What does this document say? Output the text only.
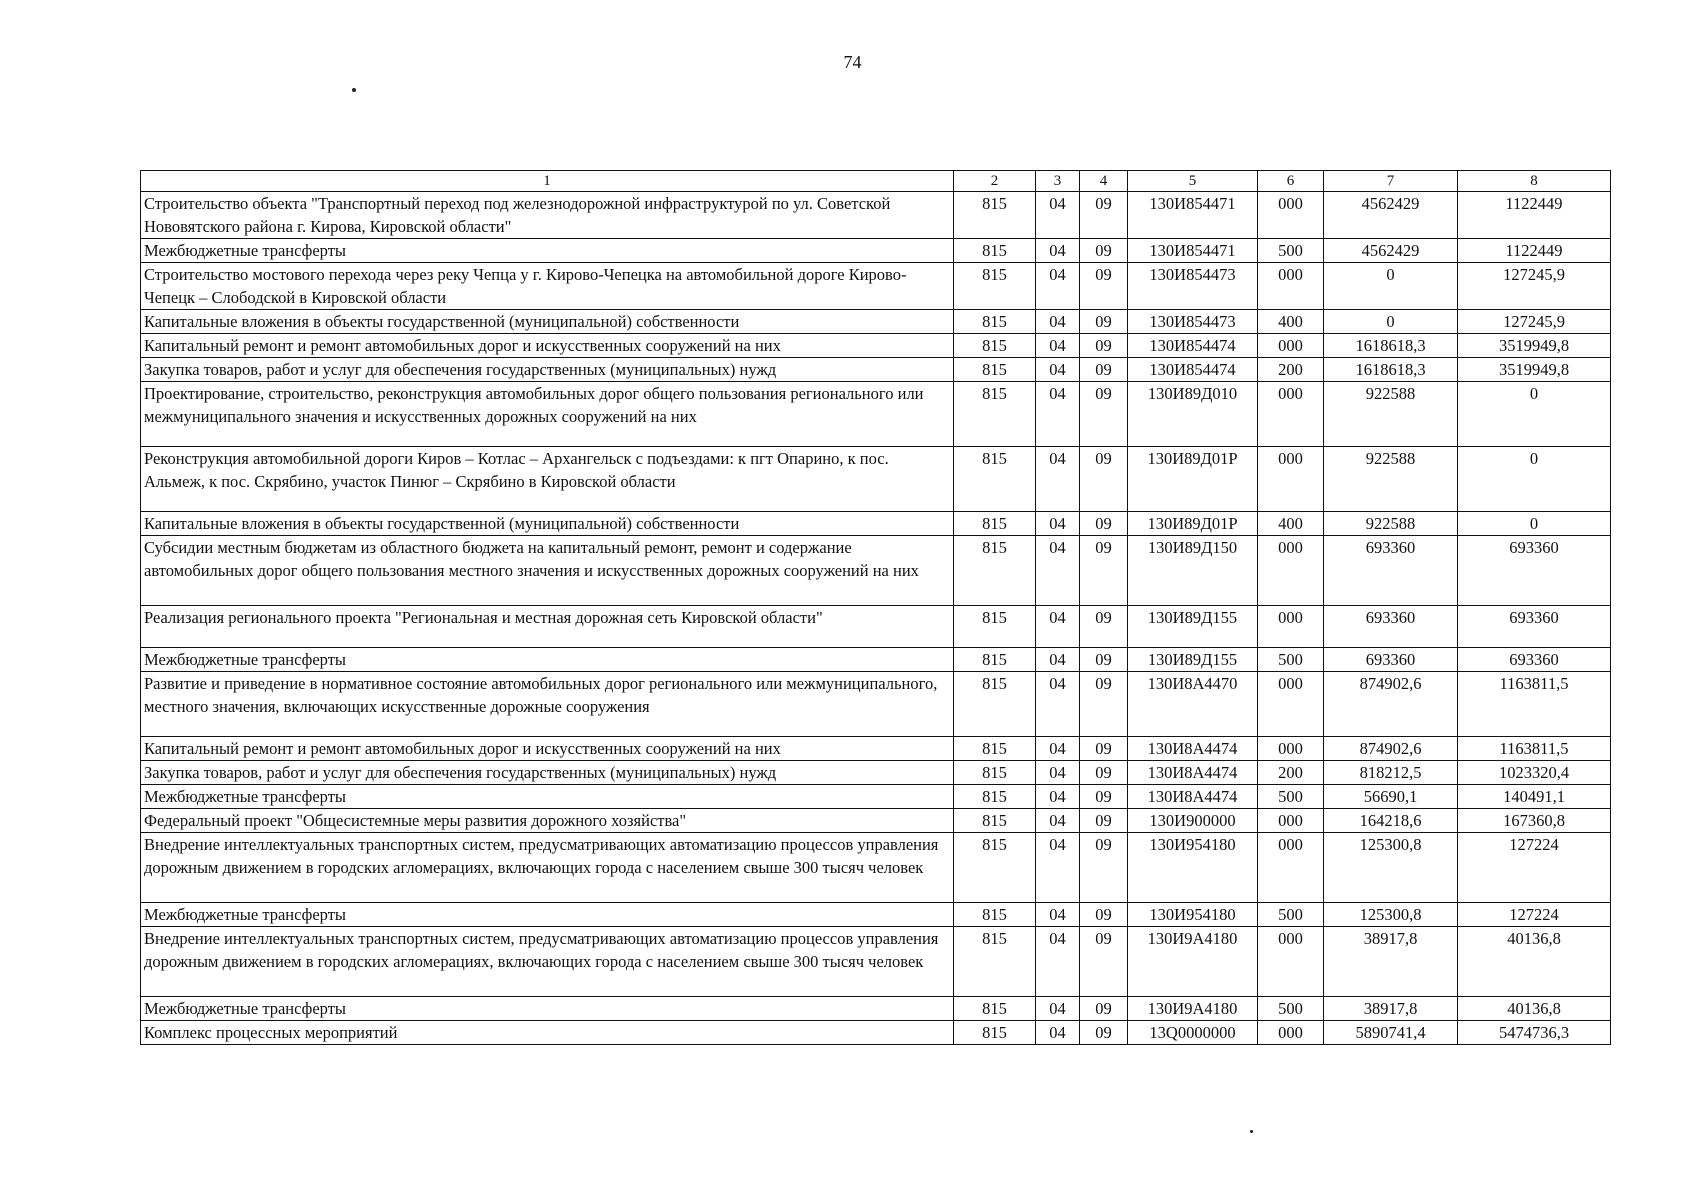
74
1	2	3	4	5	6	7	8
Строительство объекта "Транспортный переход под железнодорожной инфраструктурой по ул. Советской Нововятского района г. Кирова, Кировской области"	815	04	09	130И854471	000	4562429	1122449
Межбюджетные трансферты	815	04	09	130И854471	500	4562429	1122449
Строительство мостового перехода через реку Чепца у г. Кирово-Чепецка на автомобильной дороге Кирово-Чепецк – Слободской в Кировской области	815	04	09	130И854473	000	0	127245,9
Капитальные вложения в объекты государственной (муниципальной) собственности	815	04	09	130И854473	400	0	127245,9
Капитальный ремонт и ремонт автомобильных дорог и искусственных сооружений на них	815	04	09	130И854474	000	1618618,3	3519949,8
Закупка товаров, работ и услуг для обеспечения государственных (муниципальных) нужд	815	04	09	130И854474	200	1618618,3	3519949,8
Проектирование, строительство, реконструкция автомобильных дорог общего пользования регионального или межмуниципального значения и искусственных дорожных сооружений на них	815	04	09	130И89Д010	000	922588	0
Реконструкция автомобильной дороги Киров – Котлас – Архангельск с подъездами: к пгт Опарино, к пос. Альмеж, к пос. Скрябино, участок Пинюг – Скрябино в Кировской области	815	04	09	130И89Д01Р	000	922588	0
Капитальные вложения в объекты государственной (муниципальной) собственности	815	04	09	130И89Д01Р	400	922588	0
Субсидии местным бюджетам из областного бюджета на капитальный ремонт, ремонт и содержание автомобильных дорог общего пользования местного значения и искусственных дорожных сооружений на них	815	04	09	130И89Д150	000	693360	693360
Реализация регионального проекта "Региональная и местная дорожная сеть Кировской области"	815	04	09	130И89Д155	000	693360	693360
Межбюджетные трансферты	815	04	09	130И89Д155	500	693360	693360
Развитие и приведение в нормативное состояние автомобильных дорог регионального или межмуниципального, местного значения, включающих искусственные дорожные сооружения	815	04	09	130И8А4470	000	874902,6	1163811,5
Капитальный ремонт и ремонт автомобильных дорог и искусственных сооружений на них	815	04	09	130И8А4474	000	874902,6	1163811,5
Закупка товаров, работ и услуг для обеспечения государственных (муниципальных) нужд	815	04	09	130И8А4474	200	818212,5	1023320,4
Межбюджетные трансферты	815	04	09	130И8А4474	500	56690,1	140491,1
Федеральный проект "Общесистемные меры развития дорожного хозяйства"	815	04	09	130И900000	000	164218,6	167360,8
Внедрение интеллектуальных транспортных систем, предусматривающих автоматизацию процессов управления дорожным движением в городских агломерациях, включающих города с населением свыше 300 тысяч человек	815	04	09	130И954180	000	125300,8	127224
Межбюджетные трансферты	815	04	09	130И954180	500	125300,8	127224
Внедрение интеллектуальных транспортных систем, предусматривающих автоматизацию процессов управления дорожным движением в городских агломерациях, включающих города с населением свыше 300 тысяч человек	815	04	09	130И9А4180	000	38917,8	40136,8
Межбюджетные трансферты	815	04	09	130И9А4180	500	38917,8	40136,8
Комплекс процессных мероприятий	815	04	09	13Q0000000	000	5890741,4	5474736,3
